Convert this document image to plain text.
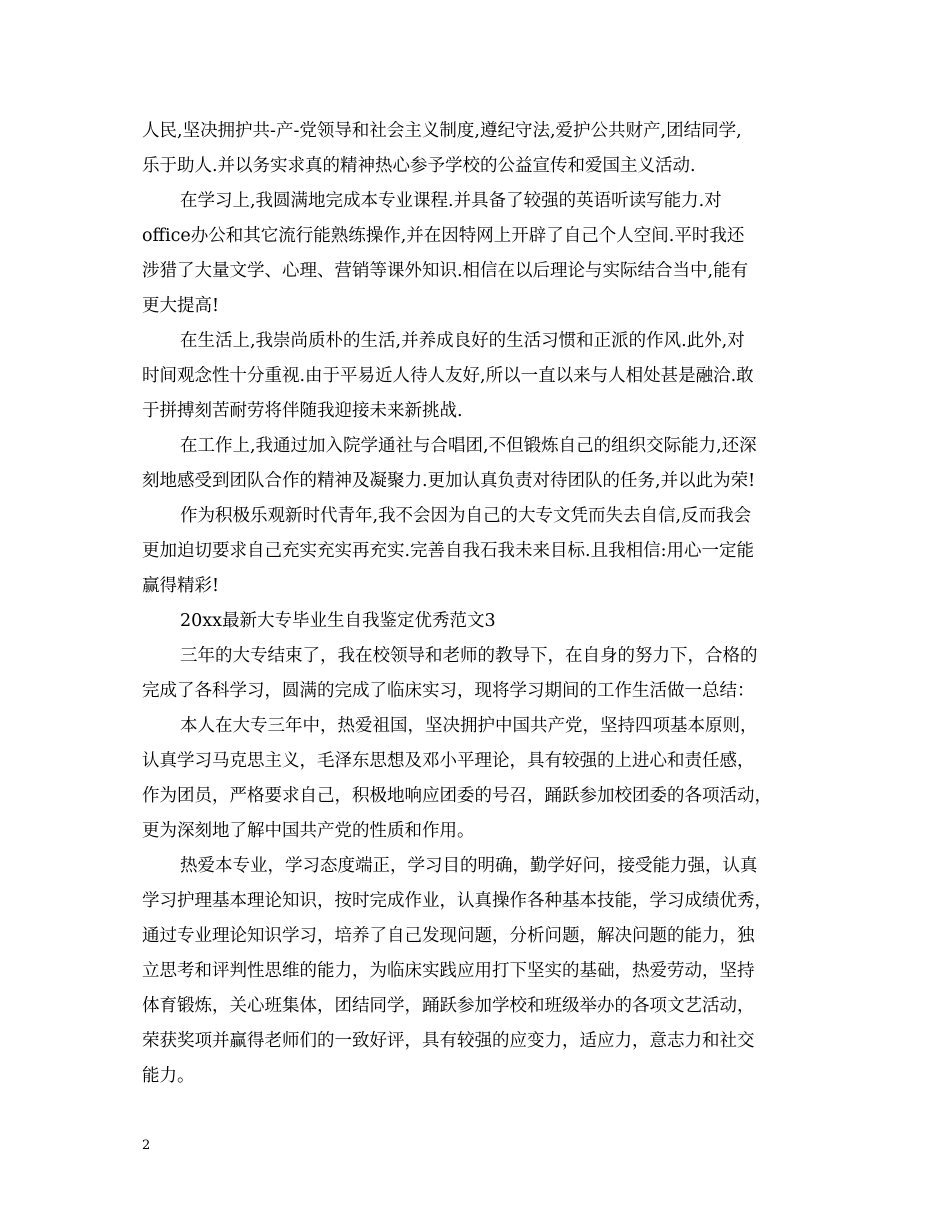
人民,坚决拥护共-产-党领导和社会主义制度,遵纪守法,爱护公共财产,团结同学,
乐于助人.并以务实求真的精神热心参予学校的公益宣传和爱国主义活动.
在学习上,我圆满地完成本专业课程.并具备了较强的英语听读写能力.对
office办公和其它流行能熟练操作,并在因特网上开辟了自己个人空间.平时我还
涉猎了大量文学、心理、营销等课外知识.相信在以后理论与实际结合当中,能有
更大提高!
在生活上,我崇尚质朴的生活,并养成良好的生活习惯和正派的作风.此外,对
时间观念性十分重视.由于平易近人待人友好,所以一直以来与人相处甚是融洽.敢
于拼搏刻苦耐劳将伴随我迎接未来新挑战.
在工作上,我通过加入院学通社与合唱团,不但锻炼自己的组织交际能力,还深
刻地感受到团队合作的精神及凝聚力.更加认真负责对待团队的任务,并以此为荣!
作为积极乐观新时代青年,我不会因为自己的大专文凭而失去自信,反而我会
更加迫切要求自己充实充实再充实.完善自我石我未来目标.且我相信:用心一定能
赢得精彩!
20xx最新大专毕业生自我鉴定优秀范文3
三年的大专结束了，我在校领导和老师的教导下，在自身的努力下，合格的
完成了各科学习，圆满的完成了临床实习，现将学习期间的工作生活做一总结：
本人在大专三年中，热爱祖国，坚决拥护中国共产党，坚持四项基本原则，
认真学习马克思主义，毛泽东思想及邓小平理论，具有较强的上进心和责任感，
作为团员，严格要求自己，积极地响应团委的号召，踊跃参加校团委的各项活动，
更为深刻地了解中国共产党的性质和作用。
热爱本专业，学习态度端正，学习目的明确，勤学好问，接受能力强，认真
学习护理基本理论知识，按时完成作业，认真操作各种基本技能，学习成绩优秀，
通过专业理论知识学习，培养了自己发现问题，分析问题，解决问题的能力，独
立思考和评判性思维的能力，为临床实践应用打下坚实的基础，热爱劳动，坚持
体育锻炼，关心班集体，团结同学，踊跃参加学校和班级举办的各项文艺活动，
荣获奖项并赢得老师们的一致好评，具有较强的应变力，适应力，意志力和社交
能力。
2
